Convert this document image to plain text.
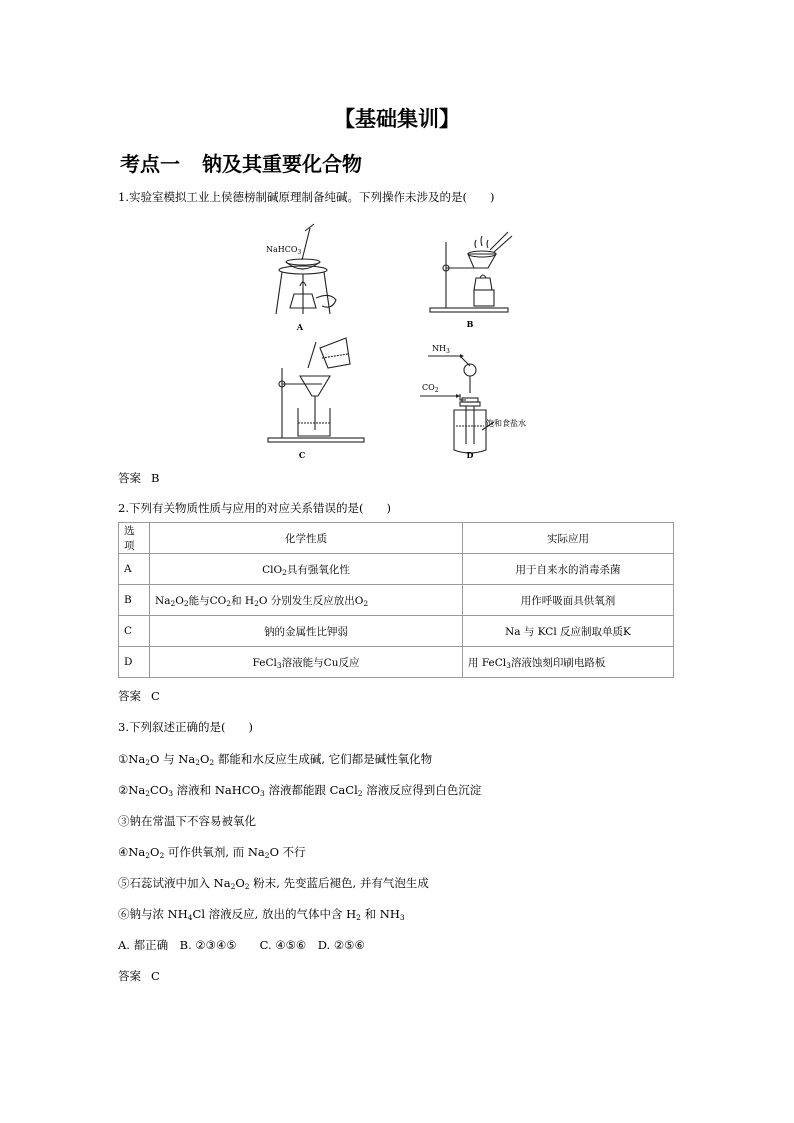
【基础集训】
考点一 钠及其重要化合物
1.实验室模拟工业上侯德榜制碱原理制备纯碱。下列操作未涉及的是(　　)
NaHCO$_3$
A	B
C
$NH_3$
$CO_2$
饱和食盐水
D
答案 B
2.下列有关物质性质与应用的对应关系错误的是(　　)
选项	化学性质	实际应用
A	ClO$_2$具有强氧化性	用于自来水的消毒杀菌
B	$Na_2O_2$能与$CO_2$和 $H_2O$ 分别发生反应放出$O_2$	用作呼吸面具供氧剂
C	钠的金属性比钾弱	Na 与 KCl 反应制取单质K
D	FeCl$_3$溶液能与Cu反应	用 FeCl$_3$溶液蚀刻印刷电路板
答案 C
3.下列叙述正确的是(　　)
$①Na_2O$ 与 $Na_2O_2$ 都能和水反应生成碱, 它们都是碱性氧化物
$②Na_2CO_3$ 溶液和 NaHCO$_3$ 溶液都能跟 CaCl$_2$ 溶液反应得到白色沉淀
③钠在常温下不容易被氧化
$④Na_2O_2$ 可作供氧剂, 而 $Na_2O$ 不行
⑤石蕊试液中加入 $Na_2O_2$ 粉末, 先变蓝后褪色, 并有气泡生成
⑥钠与浓 $NH_4Cl$ 溶液反应, 放出的气体中含 $H_2$ 和 $NH_3$
A. 都正确　B. ②③④⑤　　C. ④⑤⑥　D. ②⑤⑥
答案 C
